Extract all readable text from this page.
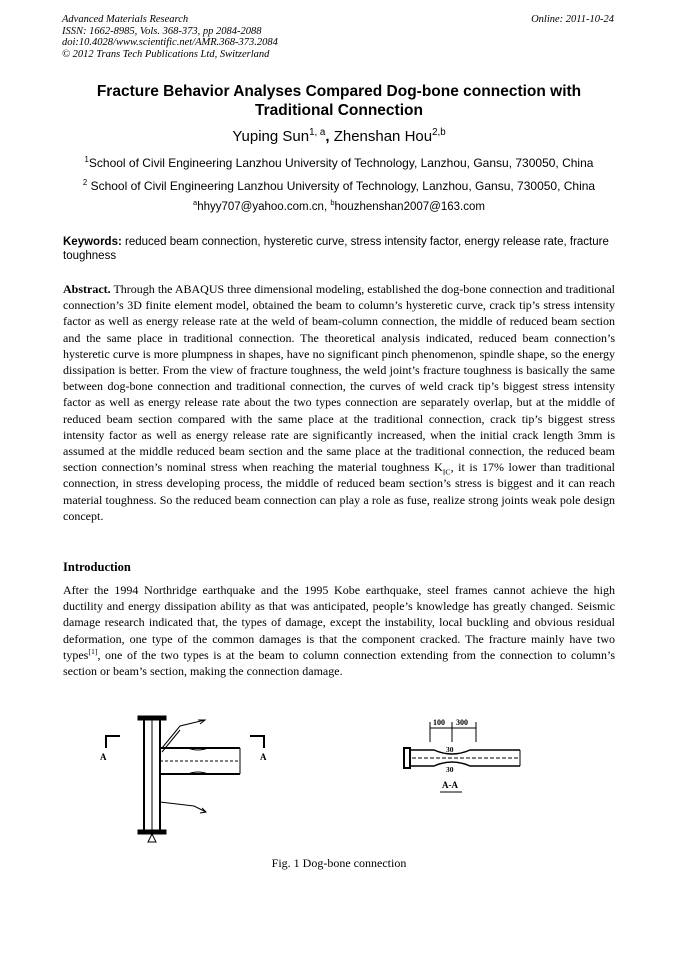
Advanced Materials Research
ISSN: 1662-8985, Vols. 368-373, pp 2084-2088
doi:10.4028/www.scientific.net/AMR.368-373.2084
© 2012 Trans Tech Publications Ltd, Switzerland
Online: 2011-10-24
Fracture Behavior Analyses Compared Dog-bone connection with Traditional Connection
Yuping Sun$^{1, a}$, Zhenshan Hou$^{2,b}$
$^1$School of Civil Engineering Lanzhou University of Technology, Lanzhou, Gansu, 730050, China
$^2$ School of Civil Engineering Lanzhou University of Technology, Lanzhou, Gansu, 730050, China
$^a$hhyy707@yahoo.com.cn, $^b$houzhenshan2007@163.com
Keywords: reduced beam connection, hysteretic curve, stress intensity factor, energy release rate, fracture toughness
Abstract. Through the ABAQUS three dimensional modeling, established the dog-bone connection and traditional connection’s 3D finite element model, obtained the beam to column’s hysteretic curve, crack tip’s stress intensity factor as well as energy release rate at the weld of beam-column connection, the middle of reduced beam section and the same place in traditional connection. The theoretical analysis indicated, reduced beam connection’s hysteretic curve is more plumpness in shapes, have no significant pinch phenomenon, spindle shape, so the energy dissipation is better. From the view of fracture toughness, the weld joint’s fracture toughness is basically the same between dog-bone connection and traditional connection, the curves of weld crack tip’s biggest stress intensity factor as well as energy release rate about the two types connection are separately overlap, but at the middle of reduced beam section compared with the same place at the traditional connection, crack tip’s biggest stress intensity factor as well as energy release rate are significantly increased, when the initial crack length 3mm is assumed at the middle reduced beam section and the same place at the traditional connection, the reduced beam section connection’s nominal stress when reaching the material toughness $K_{IC}$, it is 17% lower than traditional connection, in stress developing process, the middle of reduced beam section’s stress is biggest and it can reach material toughness. So the reduced beam connection can play a role as fuse, realize strong joints weak pole design concept.
Introduction
After the 1994 Northridge earthquake and the 1995 Kobe earthquake, steel frames cannot achieve the high ductility and energy dissipation ability as that was anticipated, people’s knowledge has greatly changed. Seismic damage research indicated that, the types of damage, except the instability, local buckling and obvious residual deformation, one type of the common damages is that the component cracked. The fracture mainly have two types[1], one of the two types is at the beam to column connection extending from the connection to column’s section or beam’s section, making the connection damage.
A	A
100 300
30
30
A-A
Fig. 1 Dog-bone connection
